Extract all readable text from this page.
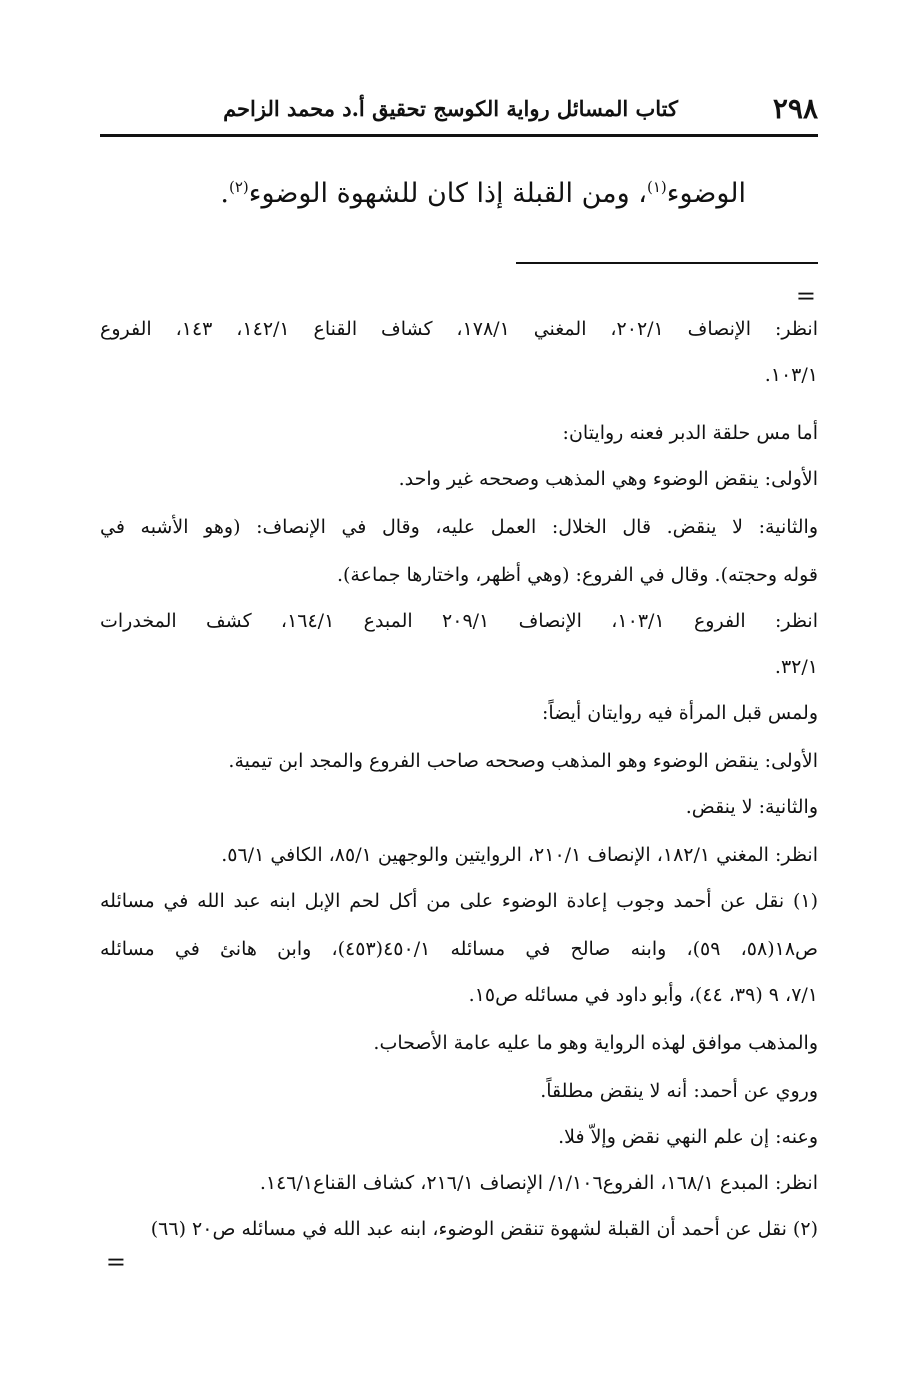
٢٩٨
كتاب المسائل رواية الكوسج تحقيق أ.د محمد الزاحم
الوضوء$^{(١)}$، ومن القبلة إذا كان للشهوة الوضوء$^{(٢)}$.
=
انظر: الإنصاف ٢٠٢/١، المغني ١٧٨/١، كشاف القناع ١٤٢/١، ١٤٣، الفروع
١٠٣/١.
أما مس حلقة الدبر فعنه روايتان:
الأولى: ينقض الوضوء وهي المذهب وصححه غير واحد.
والثانية: لا ينقض. قال الخلال: العمل عليه، وقال في الإنصاف: (وهو الأشبه في
قوله وحجته). وقال في الفروع: (وهي أظهر، واختارها جماعة).
انظر: الفروع ١٠٣/١، الإنصاف ٢٠٩/١ المبدع ١٦٤/١، كشف المخدرات
٣٢/١.
ولمس قبل المرأة فيه روايتان أيضاً:
الأولى: ينقض الوضوء وهو المذهب وصححه صاحب الفروع والمجد ابن تيمية.
والثانية: لا ينقض.
انظر: المغني ١٨٢/١، الإنصاف ٢١٠/١، الروايتين والوجهين ٨٥/١، الكافي ٥٦/١.
(١) نقل عن أحمد وجوب إعادة الوضوء على من أكل لحم الإبل ابنه عبد الله في مسائله
ص١٨(٥٨، ٥٩)، وابنه صالح في مسائله ٤٥٠/١(٤٥٣)، وابن هانئ في مسائله
٧/١، ٩ (٣٩، ٤٤)، وأبو داود في مسائله ص١٥.
والمذهب موافق لهذه الرواية وهو ما عليه عامة الأصحاب.
وروي عن أحمد: أنه لا ينقض مطلقاً.
وعنه: إن علم النهي نقض وإلاّ فلا.
انظر: المبدع ١٦٨/١، الفروع١/١٠٦/ الإنصاف ٢١٦/١، كشاف القناع١٤٦/١.
(٢) نقل عن أحمد أن القبلة لشهوة تنقض الوضوء، ابنه عبد الله في مسائله ص٢٠ (٦٦)
=
